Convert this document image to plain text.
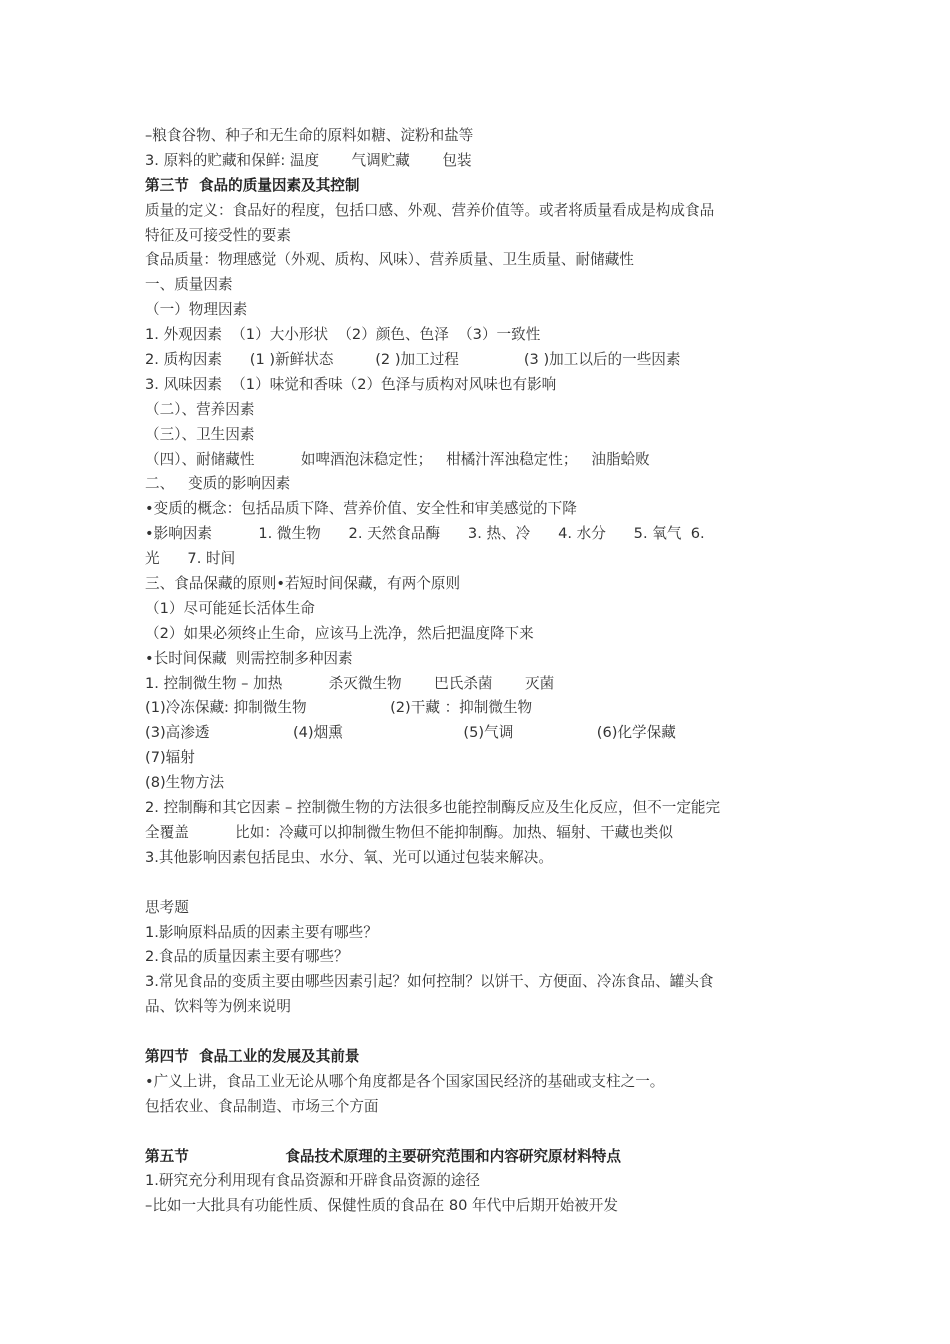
–粮食谷物、种子和无生命的原料如糖、淀粉和盐等
3. 原料的贮藏和保鲜: 温度       气调贮藏       包装
第三节  食品的质量因素及其控制
质量的定义：食品好的程度，包括口感、外观、营养价值等。或者将质量看成是构成食品
特征及可接受性的要素
食品质量：物理感觉（外观、质构、风味）、营养质量、卫生质量、耐储藏性
一、质量因素
（一）物理因素
1. 外观因素  （1）大小形状  （2）颜色、色泽  （3）一致性
2. 质构因素      (1 )新鲜状态         (2 )加工过程              (3 )加工以后的一些因素
3. 风味因素  （1）味觉和香味（2）色泽与质构对风味也有影响
（二）、营养因素
（三）、卫生因素
（四）、耐储藏性          如啤酒泡沫稳定性；   柑橘汁浑浊稳定性；   油脂蛤败
二、   变质的影响因素
•变质的概念：包括品质下降、营养价值、安全性和审美感觉的下降
•影响因素          1. 微生物      2. 天然食品酶      3. 热、冷      4. 水分      5. 氧气  6.
光      7. 时间
三、食品保藏的原则•若短时间保藏，有两个原则
（1）尽可能延长活体生命
（2）如果必须终止生命，应该马上洗净，然后把温度降下来
•长时间保藏  则需控制多种因素
1. 控制微生物 – 加热          杀灭微生物       巴氏杀菌       灭菌
(1)冷冻保藏: 抑制微生物                  (2)干藏 ：抑制微生物
(3)高渗透                  (4)烟熏                          (5)气调                  (6)化学保藏
(7)辐射
(8)生物方法
2. 控制酶和其它因素 – 控制微生物的方法很多也能控制酶反应及生化反应，但不一定能完
全覆盖          比如：冷藏可以抑制微生物但不能抑制酶。加热、辐射、干藏也类似
3.其他影响因素包括昆虫、水分、氧、光可以通过包装来解决。
思考题
1.影响原料品质的因素主要有哪些？
2.食品的质量因素主要有哪些？
3.常见食品的变质主要由哪些因素引起？如何控制？以饼干、方便面、冷冻食品、罐头食
品、饮料等为例来说明
第四节  食品工业的发展及其前景
•广义上讲，食品工业无论从哪个角度都是各个国家国民经济的基础或支柱之一。
包括农业、食品制造、市场三个方面
第五节                   食品技术原理的主要研究范围和内容研究原材料特点
1.研究充分利用现有食品资源和开辟食品资源的途径
–比如一大批具有功能性质、保健性质的食品在 80 年代中后期开始被开发
